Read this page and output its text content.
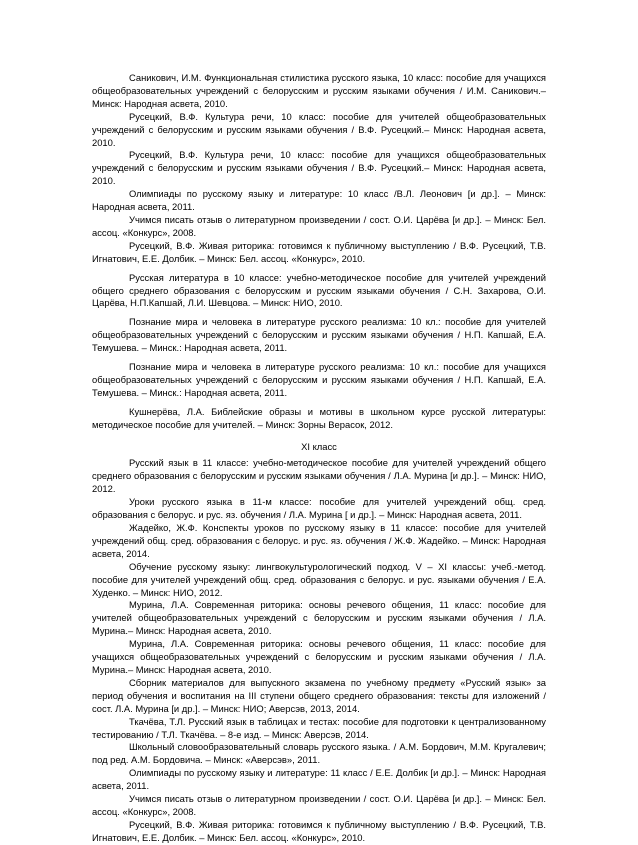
Саникович, И.М. Функциональная стилистика русского языка, 10 класс: пособие для учащихся общеобразовательных учреждений с белорусским и русским языками обучения / И.М. Саникович.– Минск: Народная асвета, 2010.

Русецкий, В.Ф. Культура речи, 10 класс: пособие для учителей общеобразовательных учреждений с белорусским и русским языками обучения / В.Ф. Русецкий.– Минск: Народная асвета, 2010.

Русецкий, В.Ф. Культура речи, 10 класс: пособие для учащихся общеобразовательных учреждений с белорусским и русским языками обучения / В.Ф. Русецкий.– Минск: Народная асвета, 2010.

Олимпиады по русскому языку и литературе: 10 класс /В.Л. Леонович [и др.]. – Минск: Народная асвета, 2011.

Учимся писать отзыв о литературном произведении / сост. О.И. Царёва [и др.]. – Минск: Бел. ассоц. «Конкурс», 2008.

Русецкий, В.Ф. Живая риторика: готовимся к публичному выступлению / В.Ф. Русецкий, Т.В. Игнатович, Е.Е. Долбик. – Минск: Бел. ассоц. «Конкурс», 2010.

Русская литература в 10 классе: учебно-методическое пособие для учителей учреждений общего среднего образования с белорусским и русским языками обучения / С.Н. Захарова, О.И. Царёва, Н.П.Капшай, Л.И. Шевцова. – Минск: НИО, 2010.

Познание мира и человека в литературе русского реализма: 10 кл.: пособие для учителей общеобразовательных учреждений с белорусским и русским языками обучения / Н.П. Капшай, Е.А. Темушева. – Минск.: Народная асвета, 2011.

Познание мира и человека в литературе русского реализма: 10 кл.: пособие для учащихся общеобразовательных учреждений с белорусским и русским языками обучения / Н.П. Капшай, Е.А. Темушева. – Минск.: Народная асвета, 2011.

Кушнерёва, Л.А. Библейские образы и мотивы в школьном курсе русской литературы: методическое пособие для учителей. – Минск: Зорны Верасок, 2012.

XI класс

Русский язык в 11 классе: учебно-методическое пособие для учителей учреждений общего среднего образования с белорусским и русским языками обучения / Л.А. Мурина [и др.]. – Минск: НИО, 2012.

Уроки русского языка в 11-м классе: пособие для учителей учреждений общ. сред. образования с белорус. и рус. яз. обучения / Л.А. Мурина [ и др.]. – Минск: Народная асвета, 2011.

Жадейко, Ж.Ф. Конспекты уроков по русскому языку в 11 классе: пособие для учителей учреждений общ. сред. образования с белорус. и рус. яз. обучения / Ж.Ф. Жадейко. – Минск: Народная асвета, 2014.

Обучение русскому языку: лингвокультурологический подход. V – XI классы: учеб.-метод. пособие для учителей учреждений общ. сред. образования с белорус. и рус. языками обучения / Е.А. Худенко. – Минск: НИО, 2012.

Мурина, Л.А. Современная риторика: основы речевого общения, 11 класс: пособие для учителей общеобразовательных учреждений с белорусским и русским языками обучения / Л.А. Мурина.– Минск: Народная асвета, 2010.

Мурина, Л.А. Современная риторика: основы речевого общения, 11 класс: пособие для учащихся общеобразовательных учреждений с белорусским и русским языками обучения / Л.А. Мурина.– Минск: Народная асвета, 2010.

Сборник материалов для выпускного экзамена по учебному предмету «Русский язык» за период обучения и воспитания на III ступени общего среднего образования: тексты для изложений / сост. Л.А. Мурина [и др.]. – Минск: НИО; Аверсэв, 2013, 2014.

Ткачёва, Т.Л. Русский язык в таблицах и тестах: пособие для подготовки к централизованному тестированию / Т.Л. Ткачёва. – 8-е изд. – Минск: Аверсэв, 2014.

Школьный словообразовательный словарь русского языка. / А.М. Бордович, М.М. Кругалевич; под ред. А.М. Бордовича. – Минск: «Аверсэв», 2011.

Олимпиады по русскому языку и литературе: 11 класс / Е.Е. Долбик [и др.]. – Минск: Народная асвета, 2011.

Учимся писать отзыв о литературном произведении / сост. О.И. Царёва [и др.]. – Минск: Бел. ассоц. «Конкурс», 2008.

Русецкий, В.Ф. Живая риторика: готовимся к публичному выступлению / В.Ф. Русецкий, Т.В. Игнатович, Е.Е. Долбик. – Минск: Бел. ассоц. «Конкурс», 2010.
